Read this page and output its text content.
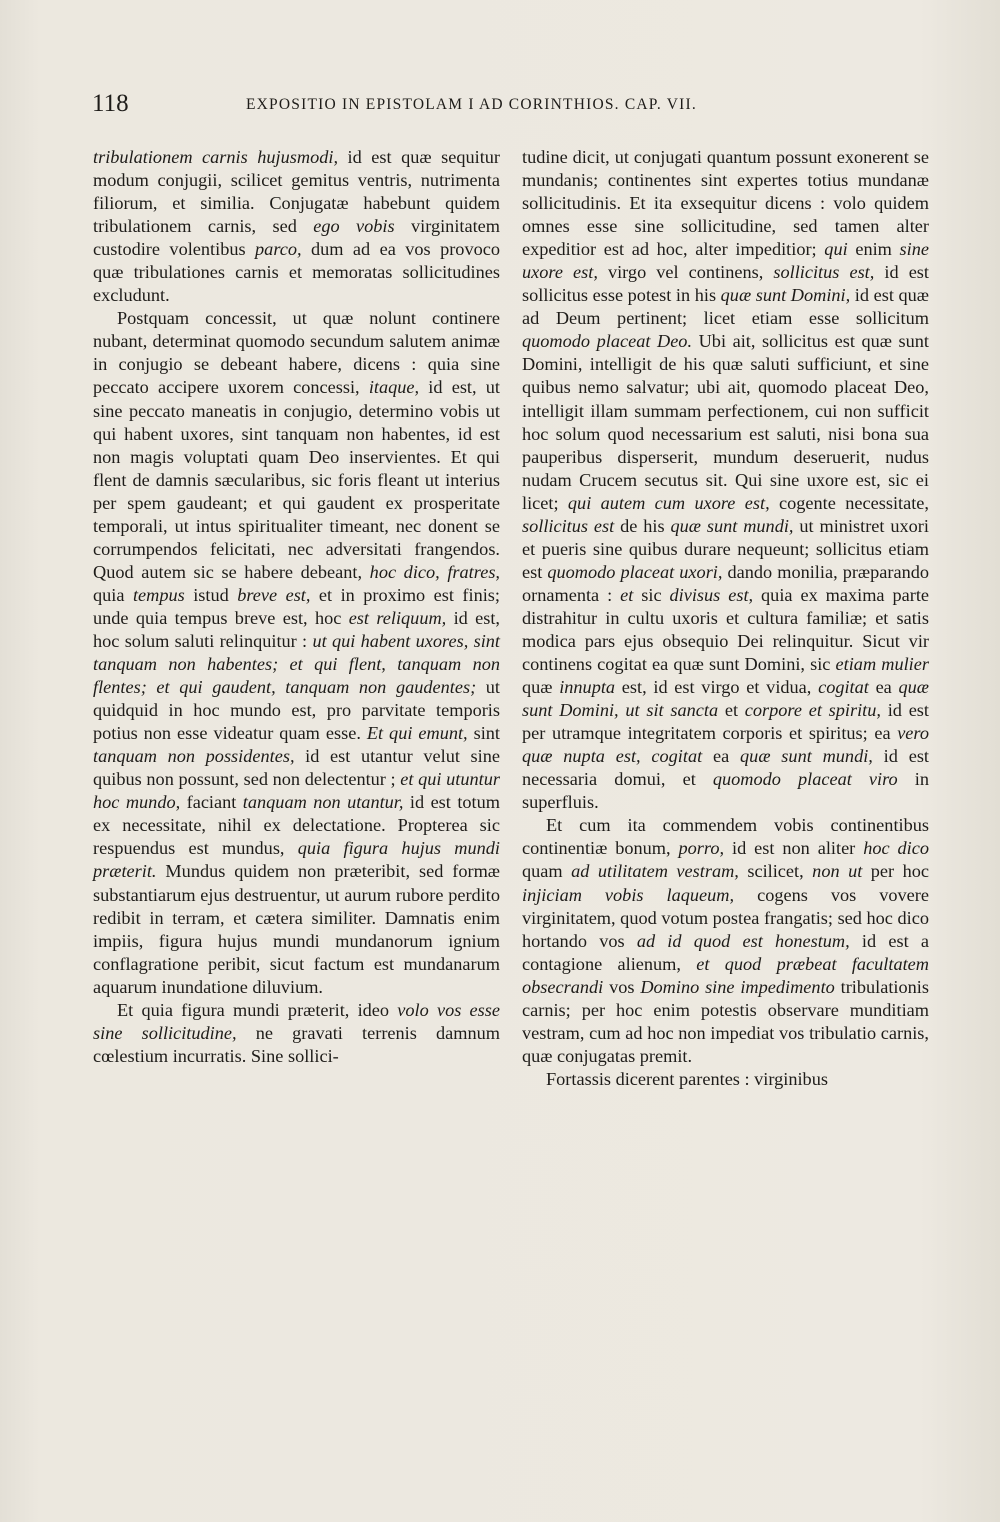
118	EXPOSITIO IN EPISTOLAM I AD CORINTHIOS. CAP. VII.

tribulationem carnis hujusmodi, id est quæ sequitur modum conjugii, scilicet gemitus ventris, nutrimenta filiorum, et similia. Conjugatæ habebunt quidem tribulationem carnis, sed ego vobis virginitatem custodire volentibus parco, dum ad ea vos provoco quæ tribulationes carnis et memoratas sollicitudines excludunt.

Postquam concessit, ut quæ nolunt continere nubant, determinat quomodo secundum salutem animæ in conjugio se debeant habere, dicens : quia sine peccato accipere uxorem concessi, itaque, id est, ut sine peccato maneatis in conjugio, determino vobis ut qui habent uxores, sint tanquam non habentes, id est non magis voluptati quam Deo inservientes. Et qui flent de damnis sæcularibus, sic foris fleant ut interius per spem gaudeant; et qui gaudent ex prosperitate temporali, ut intus spiritualiter timeant, nec donent se corrumpendos felicitati, nec adversitati frangendos. Quod autem sic se habere debeant, hoc dico, fratres, quia tempus istud breve est, et in proximo est finis; unde quia tempus breve est, hoc est reliquum, id est, hoc solum saluti relinquitur : ut qui habent uxores, sint tanquam non habentes; et qui flent, tanquam non flentes; et qui gaudent, tanquam non gaudentes; ut quidquid in hoc mundo est, pro parvitate temporis potius non esse videatur quam esse. Et qui emunt, sint tanquam non possidentes, id est utantur velut sine quibus non possunt, sed non delectentur ; et qui utuntur hoc mundo, faciant tanquam non utantur, id est totum ex necessitate, nihil ex delectatione. Propterea sic respuendus est mundus, quia figura hujus mundi præterit. Mundus quidem non præteribit, sed formæ substantiarum ejus destruentur, ut aurum rubore perdito redibit in terram, et cætera similiter. Damnatis enim impiis, figura hujus mundi mundanorum ignium conflagratione peribit, sicut factum est mundanarum aquarum inundatione diluvium.

Et quia figura mundi præterit, ideo volo vos esse sine sollicitudine, ne gravati terrenis damnum cœlestium incurratis. Sine sollici-

tudine dicit, ut conjugati quantum possunt exonerent se mundanis; continentes sint expertes totius mundanæ sollicitudinis. Et ita exsequitur dicens : volo quidem omnes esse sine sollicitudine, sed tamen alter expeditior est ad hoc, alter impeditior; qui enim sine uxore est, virgo vel continens, sollicitus est, id est sollicitus esse potest in his quæ sunt Domini, id est quæ ad Deum pertinent; licet etiam esse sollicitum quomodo placeat Deo. Ubi ait, sollicitus est quæ sunt Domini, intelligit de his quæ saluti sufficiunt, et sine quibus nemo salvatur; ubi ait, quomodo placeat Deo, intelligit illam summam perfectionem, cui non sufficit hoc solum quod necessarium est saluti, nisi bona sua pauperibus disperserit, mundum deseruerit, nudus nudam Crucem secutus sit. Qui sine uxore est, sic ei licet; qui autem cum uxore est, cogente necessitate, sollicitus est de his quæ sunt mundi, ut ministret uxori et pueris sine quibus durare nequeunt; sollicitus etiam est quomodo placeat uxori, dando monilia, præparando ornamenta : et sic divisus est, quia ex maxima parte distrahitur in cultu uxoris et cultura familiæ; et satis modica pars ejus obsequio Dei relinquitur. Sicut vir continens cogitat ea quæ sunt Domini, sic etiam mulier quæ innupta est, id est virgo et vidua, cogitat ea quæ sunt Domini, ut sit sancta et corpore et spiritu, id est per utramque integritatem corporis et spiritus; ea vero quæ nupta est, cogitat ea quæ sunt mundi, id est necessaria domui, et quomodo placeat viro in superfluis.

Et cum ita commendem vobis continentibus continentiæ bonum, porro, id est non aliter hoc dico quam ad utilitatem vestram, scilicet, non ut per hoc injiciam vobis laqueum, cogens vos vovere virginitatem, quod votum postea frangatis; sed hoc dico hortando vos ad id quod est honestum, id est a contagione alienum, et quod præbeat facultatem obsecrandi vos Domino sine impedimento tribulationis carnis; per hoc enim potestis observare munditiam vestram, cum ad hoc non impediat vos tribulatio carnis, quæ conjugatas premit.

Fortassis dicerent parentes : virginibus
